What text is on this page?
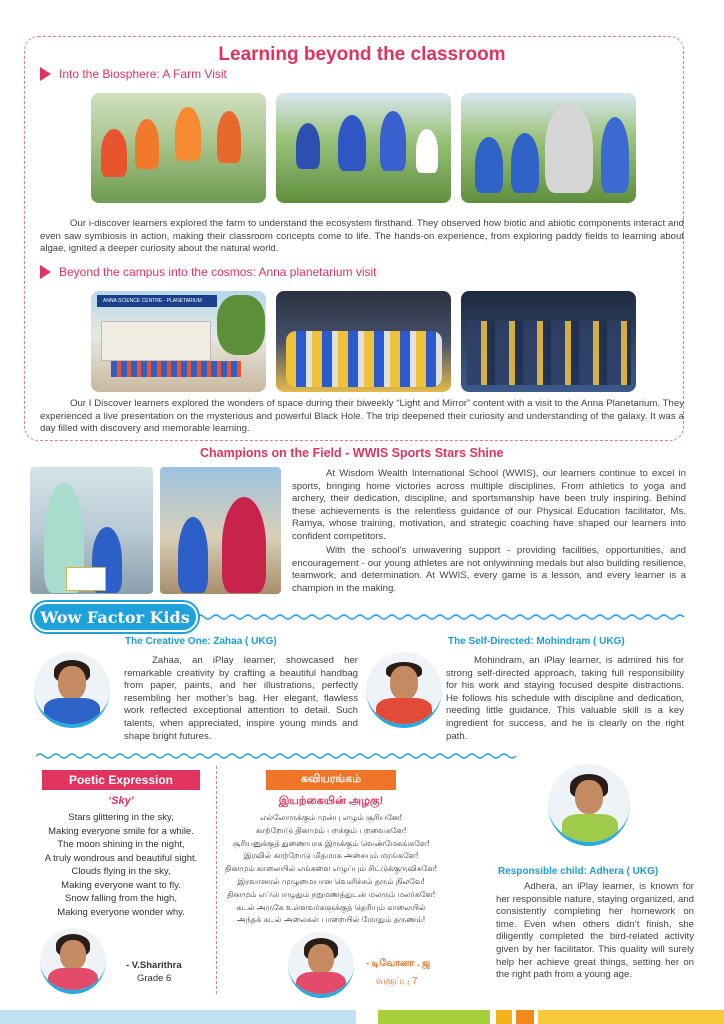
Learning beyond the classroom
Into the Biosphere: A Farm Visit
Our i-discover learners explored the farm to understand the ecosystem firsthand. They observed how biotic and abiotic components interact and even saw symbiosis in action, making their classroom concepts come to life. The hands-on experience, from exploring paddy fields to learning about algae, ignited a deeper curiosity about the natural world.
Beyond the campus into the cosmos: Anna planetarium visit
ANNA SCIENCE CENTRE - PLANETARIUM
Our I Discover learners explored the wonders of space during their biweekly “Light and Mirror” content with a visit to the Anna Planetarium. They experienced a live presentation on the mysterious and powerful Black Hole. The trip deepened their curiosity and understanding of the galaxy. It was a day filled with discovery and memorable learning.
Champions on the Field - WWIS Sports Stars Shine
At Wisdom Wealth International School (WWIS), our learners continue to excel in sports, bringing home victories across multiple disciplines. From athletics to yoga and archery, their dedication, discipline, and sportsmanship have been truly inspiring. Behind these achievements is the relentless guidance of our Physical Education facilitator, Ms. Ramya, whose training, motivation, and strategic coaching have shaped our learners into confident competitors.
With the school’s unwavering support - providing facilities, opportunities, and encouragement - our young athletes are not onlywinning medals but also building resilience, teamwork, and determination. At WWIS, every game is a lesson, and every learner is a champion in the making.
Wow Factor Kids
The Creative One: Zahaa ( UKG)
Zahaa, an iPlay learner, showcased her remarkable creativity by crafting a beautiful handbag from paper, paints, and her illustrations, perfectly resembling her mother’s bag. Her elegant, flawless work reflected exceptional attention to detail. Such talents, when appreciated, inspire young minds and shape bright futures.
The Self-Directed: Mohindram ( UKG)
Mohindram, an iPlay learner, is admired his for strong self-directed approach, taking full responsibility for his work and staying focused despite distractions. He follows his schedule with discipline and dedication, needing little guidance. This valuable skill is a key ingredient for success, and he is clearly on the right path.
Poetic Expression
‘Sky’
Stars glittering in the sky,
Making everyone smile for a while.
The moon shining in the night,
A truly wondrous and beautiful sight.
Clouds flying in the sky,
Making everyone want to fly.
Snow falling from the high,
Making everyone wonder why.
- V.Sharithra
Grade 6
கவியரங்கம்
இயற்கையின் அழகு!
எல்லோருக்கும் முன்பு எழும் சூரியனே!
காற்றோடு தினமும் பறக்கும் பறவைகளே!
சூரியனுக்குத் துணையாக இருக்கும் வெண்மேகங்களே!
இரவில் காற்றோடு மிதமாக அசையும் மரங்களே!
தினமும் காலையில் எங்களை எழுப்பும் சிட்டுக்குருவிகளே!
இரவானால் முழுமையான வெளிச்சம் தரும் நிலவே!
தினமும் எப்பொழுதும் நறுமணத்துடன் மலரும் மலர்களே!
கடல் அருகே உள்ளவர்களுக்குத் தெரியும் காலையில்
அந்தக் கடல் அலைகள் பாறையில் மோதும் தருணம்!
- டிவோனா . ஜ
வகுப்பு 7
Responsible child: Adhera ( UKG)
Adhera, an iPlay learner, is known for her responsible nature, staying organized, and consistently completing her homework on time. Even when others didn’t finish, she diligently completed the bird-related activity given by her facilitator. This quality will surely help her achieve great things, setting her on the right path from a young age.
